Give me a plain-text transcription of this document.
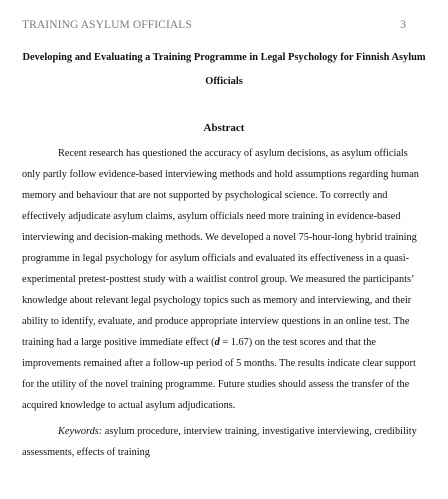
TRAINING ASYLUM OFFICIALS	3
Developing and Evaluating a Training Programme in Legal Psychology for Finnish Asylum
Officials
Abstract
Recent research has questioned the accuracy of asylum decisions, as asylum officials
only partly follow evidence-based interviewing methods and hold assumptions regarding human
memory and behaviour that are not supported by psychological science. To correctly and
effectively adjudicate asylum claims, asylum officials need more training in evidence-based
interviewing and decision-making methods. We developed a novel 75-hour-long hybrid training
programme in legal psychology for asylum officials and evaluated its effectiveness in a quasi-
experimental pretest-posttest study with a waitlist control group. We measured the participants’
knowledge about relevant legal psychology topics such as memory and interviewing, and their
ability to identify, evaluate, and produce appropriate interview questions in an online test. The
training had a large positive immediate effect (d = 1.67) on the test scores and that the
improvements remained after a follow-up period of 5 months. The results indicate clear support
for the utility of the novel training programme. Future studies should assess the transfer of the
acquired knowledge to actual asylum adjudications.
Keywords: asylum procedure, interview training, investigative interviewing, credibility
assessments, effects of training
